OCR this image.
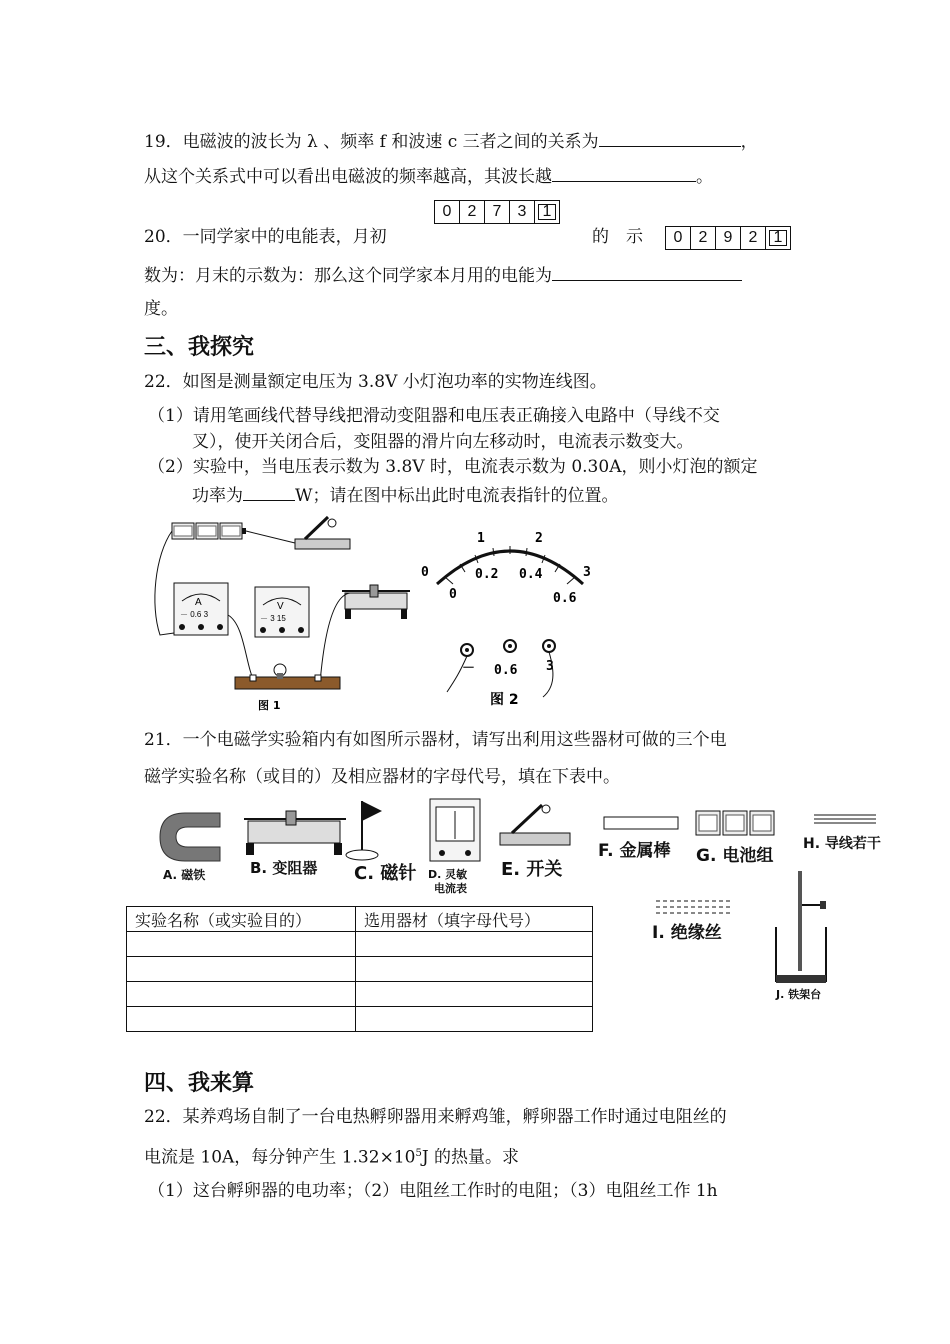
19．电磁波的波长为 λ 、频率 f 和波速 c 三者之间的关系为	，
从这个关系式中可以看出电磁波的频率越高，其波长越	。
0	2	7	3	1
20．一同学家中的电能表，月初	的　示	0	2	9	2	1
数为：月末的示数为：那么这个同学家本月用的电能为
度。
三、我探究
22．如图是测量额定电压为 3.8V 小灯泡功率的实物连线图。
（1）请用笔画线代替导线把滑动变阻器和电压表正确接入电路中（导线不交
叉），使开关闭合后，变阻器的滑片向左移动时，电流表示数变大。
（2）实验中，当电压表示数为 3.8V 时，电流表示数为 0.30A，则小灯泡的额定
功率为	W；请在图中标出此时电流表指针的位置。
A
－ 0.6 3
V
－ 3 15
图 1
0
1	2
3
0
0.2 0.4
0.6
－ 0.6 3
图 2
21．一个电磁学实验箱内有如图所示器材，请写出利用这些器材可做的三个电
磁学实验名称（或目的）及相应器材的字母代号，填在下表中。
A. 磁铁	B. 变阻器 C. 磁针 D. 灵敏
电流表
E. 开关
F. 金属棒 G. 电池组
H. 导线若干
I. 绝缘丝
J. 铁架台
实验名称（或实验目的）	选用器材（填字母代号）

四、我来算
22．某养鸡场自制了一台电热孵卵器用来孵鸡雏，孵卵器工作时通过电阻丝的
电流是 10A，每分钟产生 $1.32\times 10^5J$ 的热量。求
（1）这台孵卵器的电功率；（2）电阻丝工作时的电阻；（3）电阻丝工作 1h
